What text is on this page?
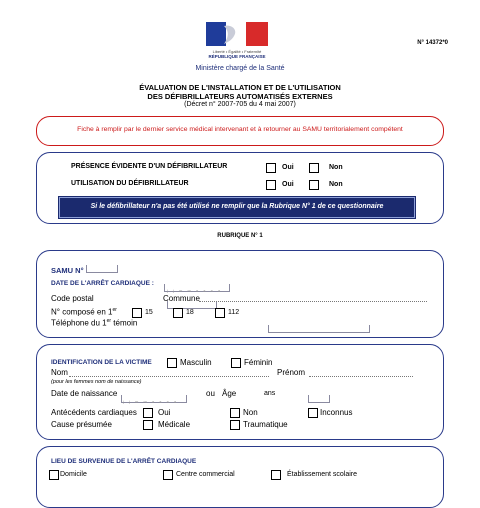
Liberté • Égalité • Fraternité
RÉPUBLIQUE FRANÇAISE
N° 14372*0
Ministère chargé de la Santé
ÉVALUATION DE L'INSTALLATION ET DE L'UTILISATION
DES DÉFIBRILLATEURS AUTOMATISÉS EXTERNES
(Décret n° 2007-705 du 4 mai 2007)
Fiche à remplir par le dernier service médical intervenant et à retourner au SAMU territorialement compétent
PRÉSENCE ÉVIDENTE D'UN DÉFIBRILLATEUR	Oui	Non
UTILISATION DU DÉFIBRILLATEUR	Oui	Non
Si le défibrillateur n'a pas été utilisé ne remplir que la Rubrique N° 1 de ce questionnaire
RUBRIQUE N° 1
SAMU N°
DATE DE L'ARRÊT CARDIAQUE :

j j m m a a a a
Code postal
	Commune
N° composé en 1er	15	18	112
Téléphone du 1er témoin
IDENTIFICATION DE LA VICTIME	Masculin	Féminin
Nom	Prénom
(pour les femmes nom de naissance)
Date de naissance

j j m m a a a a
ou Âge	ans
Antécédents cardiaques	Oui	Non	Inconnus
Cause présumée	Médicale	Traumatique
LIEU DE SURVENUE DE L'ARRÊT CARDIAQUE
Domicile	Centre commercial	Établissement scolaire
